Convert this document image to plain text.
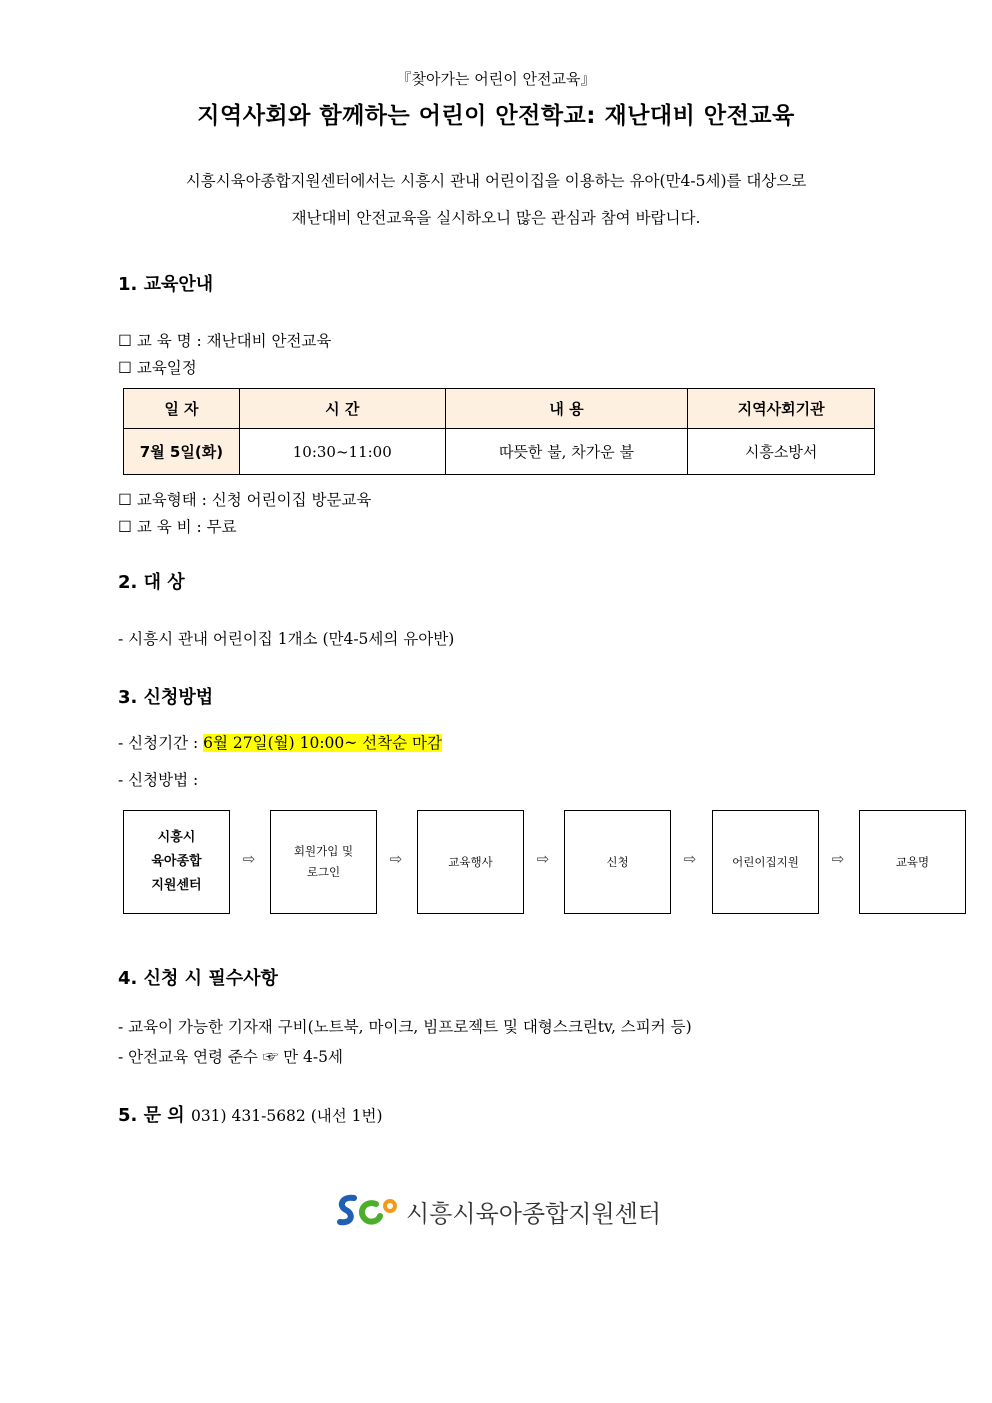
『찾아가는 어린이 안전교육』
지역사회와 함께하는 어린이 안전학교: 재난대비 안전교육
시흥시육아종합지원센터에서는 시흥시 관내 어린이집을 이용하는 유아(만4-5세)를 대상으로
재난대비 안전교육을 실시하오니 많은 관심과 참여 바랍니다.
1. 교육안내
☐ 교 육 명 : 재난대비 안전교육
☐ 교육일정
일 자	시 간	내 용	지역사회기관
7월 5일(화)	10:30~11:00	따뜻한 불, 차가운 불	시흥소방서
☐ 교육형태 : 신청 어린이집 방문교육
☐ 교 육 비 : 무료
2. 대 상
- 시흥시 관내 어린이집 1개소 (만4-5세의 유아반)
3. 신청방법
- 신청기간 : 6월 27일(월) 10:00~ 선착순 마감
- 신청방법 :
시흥시
육아종합
지원센터
⇨	회원가입 및
로그인
⇨	교육행사	⇨	신청	⇨	어린이집지원 ⇨	교육명
4. 신청 시 필수사항
- 교육이 가능한 기자재 구비(노트북, 마이크, 빔프로젝트 및 대형스크린tv, 스피커 등)
- 안전교육 연령 준수 ☞ 만 4-5세
5. 문 의 031) 431-5682 (내선 1번)
시흥시육아종합지원센터
